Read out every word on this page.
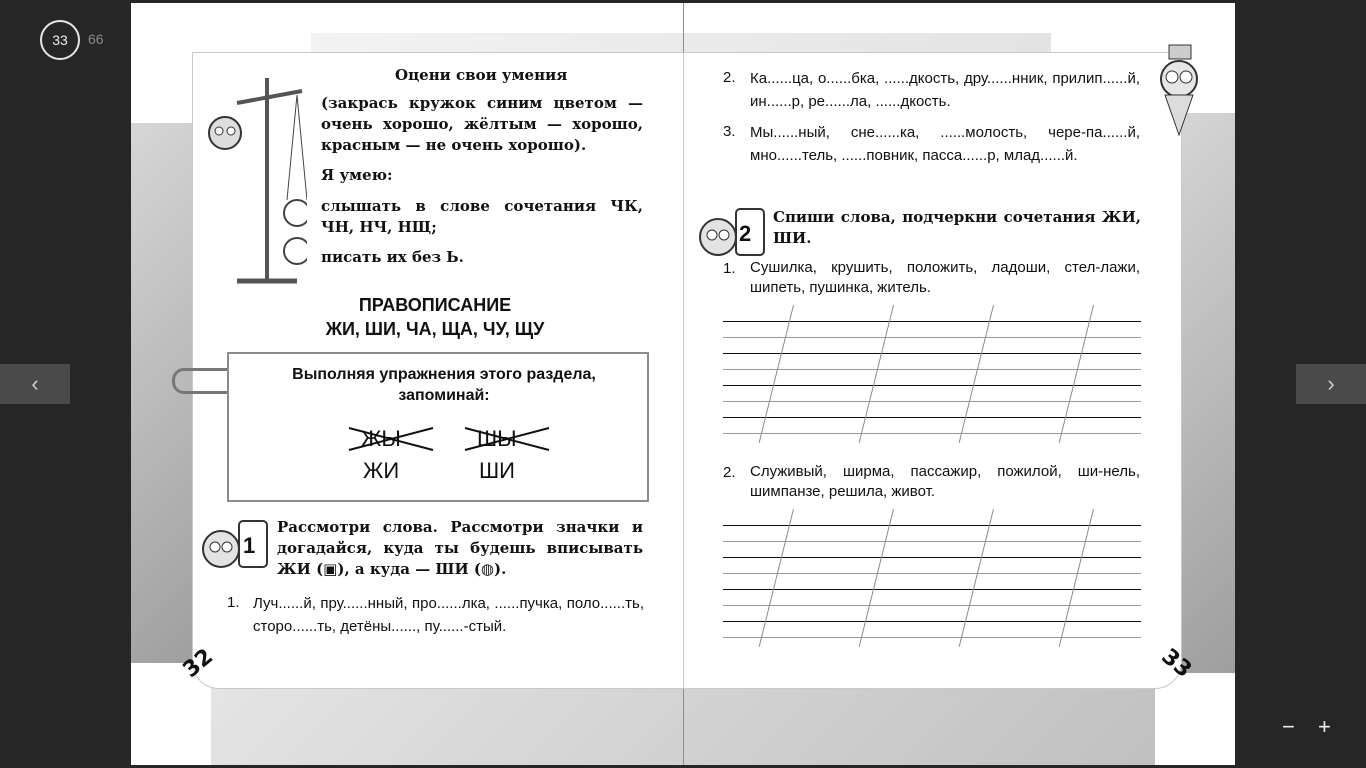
33	66
‹	›
− +
Оцени свои умения
(закрась кружок синим цветом — очень хорошо, жёлтым — хорошо, красным — не очень хорошо).
Я умею:
слышать в слове сочетания ЧК, ЧН, НЧ, НЩ;
писать их без Ь.
ПРАВОПИСАНИЕ
ЖИ, ШИ, ЧА, ЩА, ЧУ, ЩУ
Выполняя упражнения этого раздела, запоминай:
ЖЫ	ШЫ
ЖИ	ШИ
1
Рассмотри слова. Рассмотри значки и догадайся, куда ты будешь вписывать ЖИ (▣), а куда — ШИ (◍).
1. Луч......й, пру......нный, про......лка, ......пучка, поло......ть, сторо......ть, детёны......, пу......-стый.
32
2. Ка......ца, о......бка, ......дкость, дру......нник, прилип......й, ин......р, ре......ла, ......дкость.
3. Мы......ный, сне......ка, ......молость, чере-па......й, мно......тель, ......повник, пасса......р, млад......й.
2
Спиши слова, подчеркни сочетания ЖИ, ШИ.
1. Сушилка, крушить, положить, ладоши, стел-лажи, шипеть, пушинка, житель.
2. Служивый, ширма, пассажир, пожилой, ши-нель, шимпанзе, решила, живот.
33
